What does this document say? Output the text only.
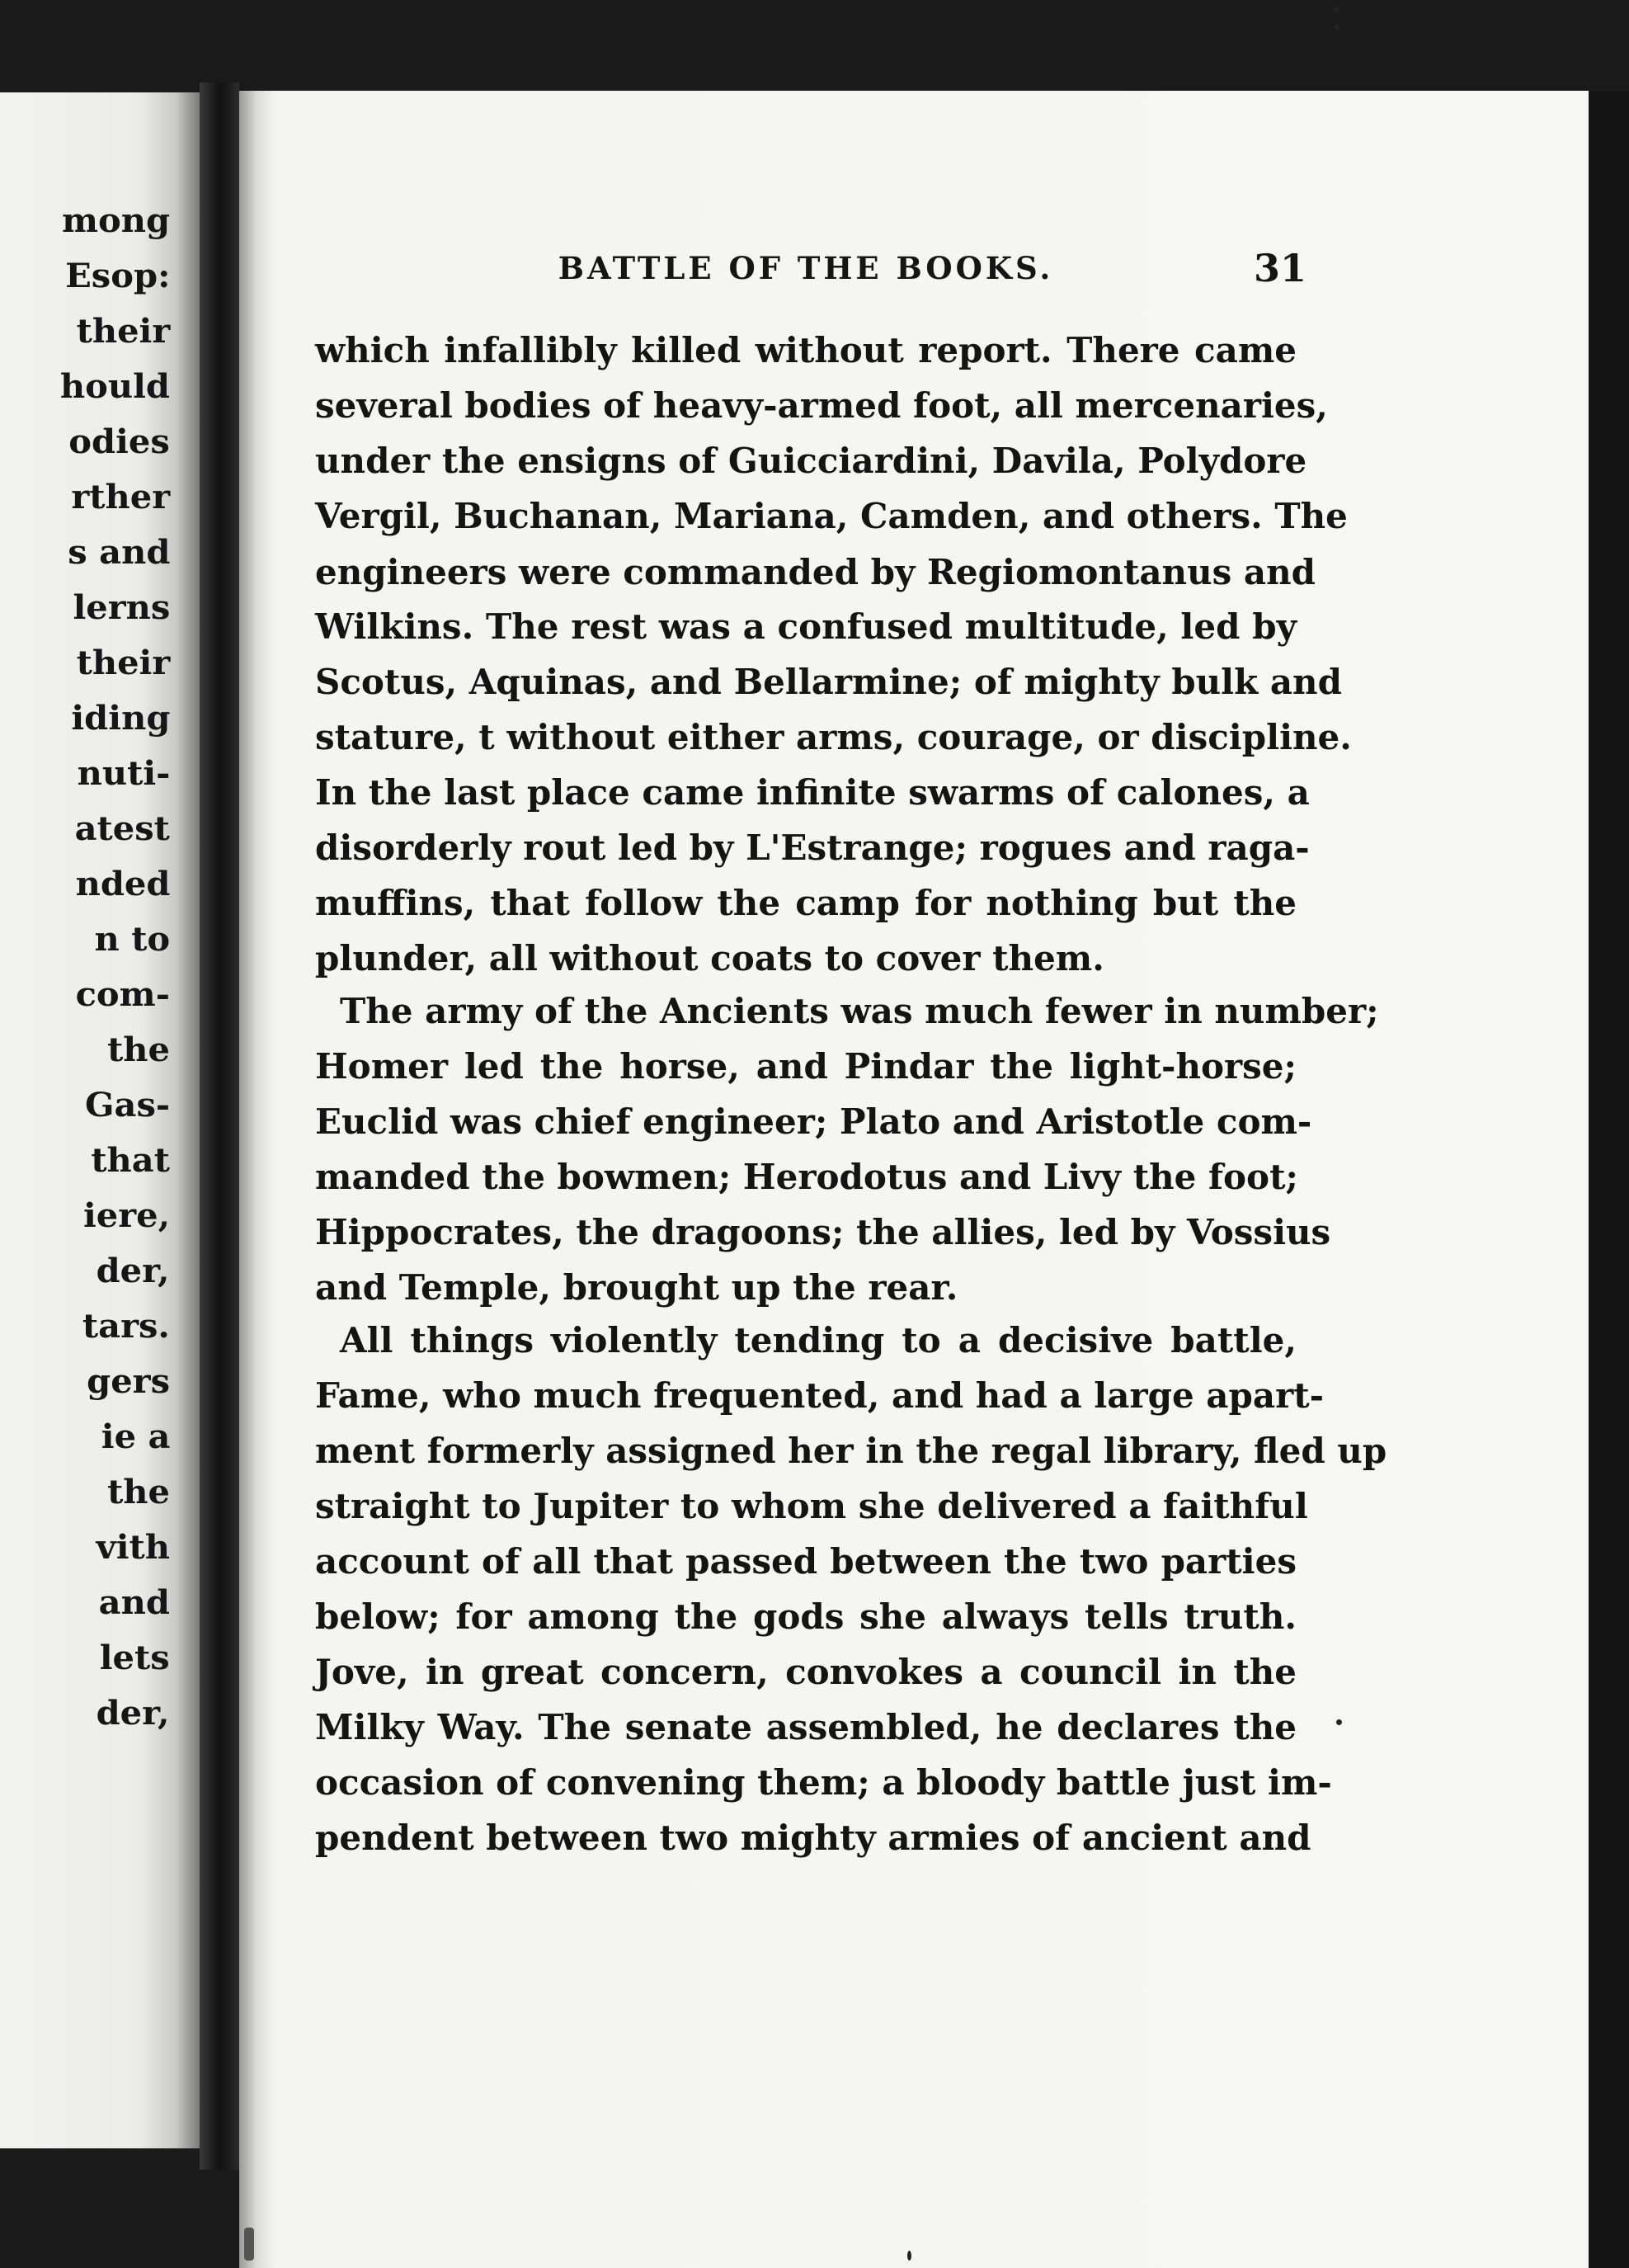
mong
Esop:
their
hould
odies
rther
s and
lerns
their
iding
nuti-
atest
nded
n to
com-
the
Gas-
that
iere,
der,
tars.
gers
ie a
the
vith
and
lets
der,
BATTLE OF THE BOOKS.	31
which infallibly killed without report. There came
several bodies of heavy-armed foot, all mercenaries,
under the ensigns of Guicciardini, Davila, Polydore
Vergil, Buchanan, Mariana, Camden, and others. The
engineers were commanded by Regiomontanus and
Wilkins. The rest was a confused multitude, led by
Scotus, Aquinas, and Bellarmine; of mighty bulk and
stature, t without either arms, courage, or discipline.
In the last place came infinite swarms of calones, a
disorderly rout led by L'Estrange; rogues and raga-
muffins, that follow the camp for nothing but the
plunder, all without coats to cover them.
The army of the Ancients was much fewer in number;
Homer led the horse, and Pindar the light-horse;
Euclid was chief engineer; Plato and Aristotle com-
manded the bowmen; Herodotus and Livy the foot;
Hippocrates, the dragoons; the allies, led by Vossius
and Temple, brought up the rear.
All things violently tending to a decisive battle,
Fame, who much frequented, and had a large apart-
ment formerly assigned her in the regal library, fled up
straight to Jupiter to whom she delivered a faithful
account of all that passed between the two parties
below; for among the gods she always tells truth.
Jove, in great concern, convokes a council in the
Milky Way. The senate assembled, he declares the
occasion of convening them; a bloody battle just im-
pendent between two mighty armies of ancient and
